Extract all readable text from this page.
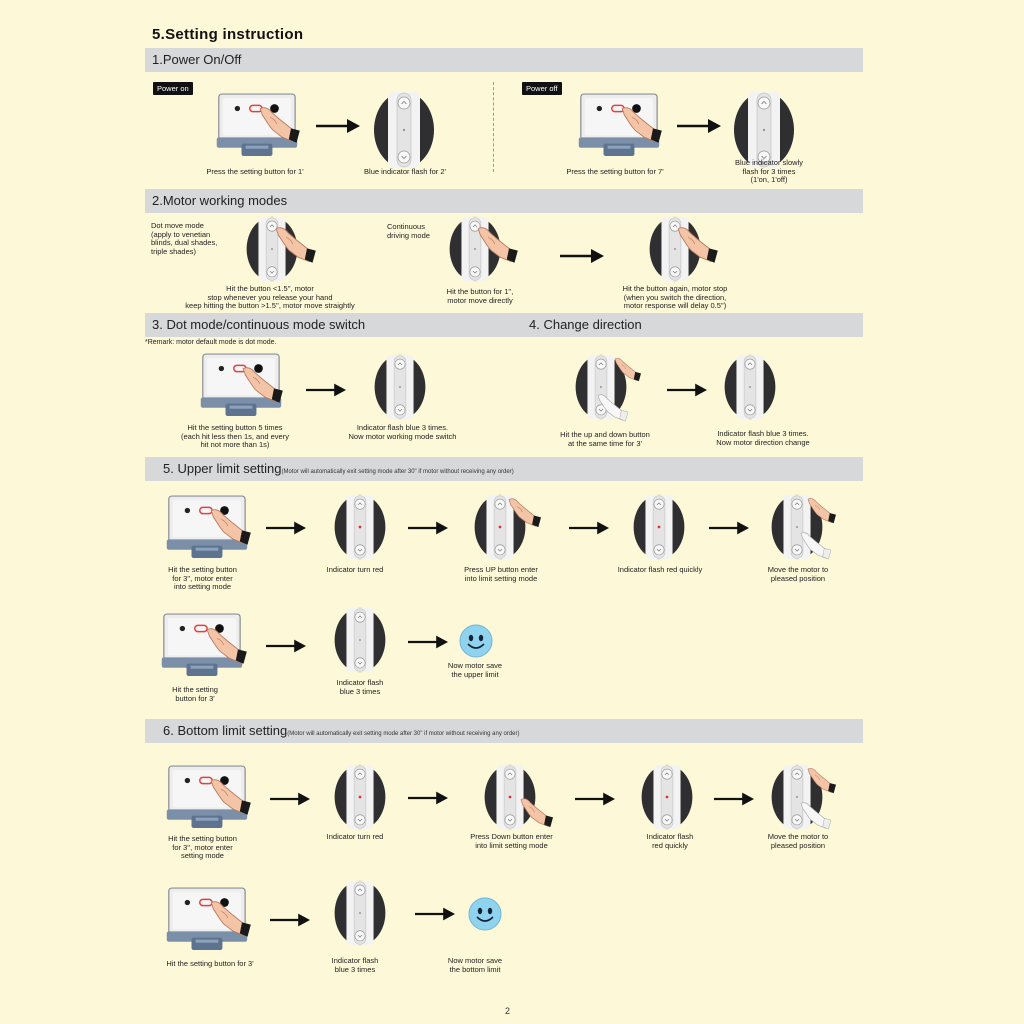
5.Setting instruction
1.Power On/Off
Power on	Power off
Press the setting button for 1'	Blue indicator flash for 2'	Press the setting button for 7'
Blue indicator slowly
flash for 3 times
(1'on, 1'off)
2.Motor working modes
Dot move mode
(apply to venetian
blinds, dual shades,
triple shades)
Hit the button <1.5'', motor
stop whenever you release your hand
keep hitting the button >1.5'', motor move straightly
Continuous
driving mode
Hit the button for 1'',
motor move directly
Hit the button again, motor stop
(when you switch the direction,
motor response will delay 0.5'')
3. Dot mode/continuous mode switch	4. Change direction
*Remark: motor default mode is dot mode.
Hit the setting button 5 times
(each hit less then 1s, and every
hit not more than 1s)
Indicator flash blue 3 times.
Now motor working mode switch	Hit the up and down button
at the same time for 3'
Indicator flash blue 3 times.
Now motor direction change
5. Upper limit setting(Motor will automatically exit setting mode after 30" if motor without receiving any order)
Hit the setting button
for 3'', motor enter
into setting mode
Indicator turn red	Press UP button enter
into limit setting mode
Indicator flash red quickly	Move the motor to
pleased position
Hit the setting
button for 3'
Indicator flash
blue 3 times
Now motor save
the upper limit
6. Bottom limit setting(Motor will automatically exit setting mode after 30" if motor without receiving any order)
Hit the setting button
for 3'', motor enter
setting mode
Indicator turn red	Press Down button enter
into limit setting mode
Indicator flash
red quickly
Move the motor to
pleased position
Hit the setting button for 3'	Indicator flash
blue 3 times
Now motor save
the bottom limit
2
